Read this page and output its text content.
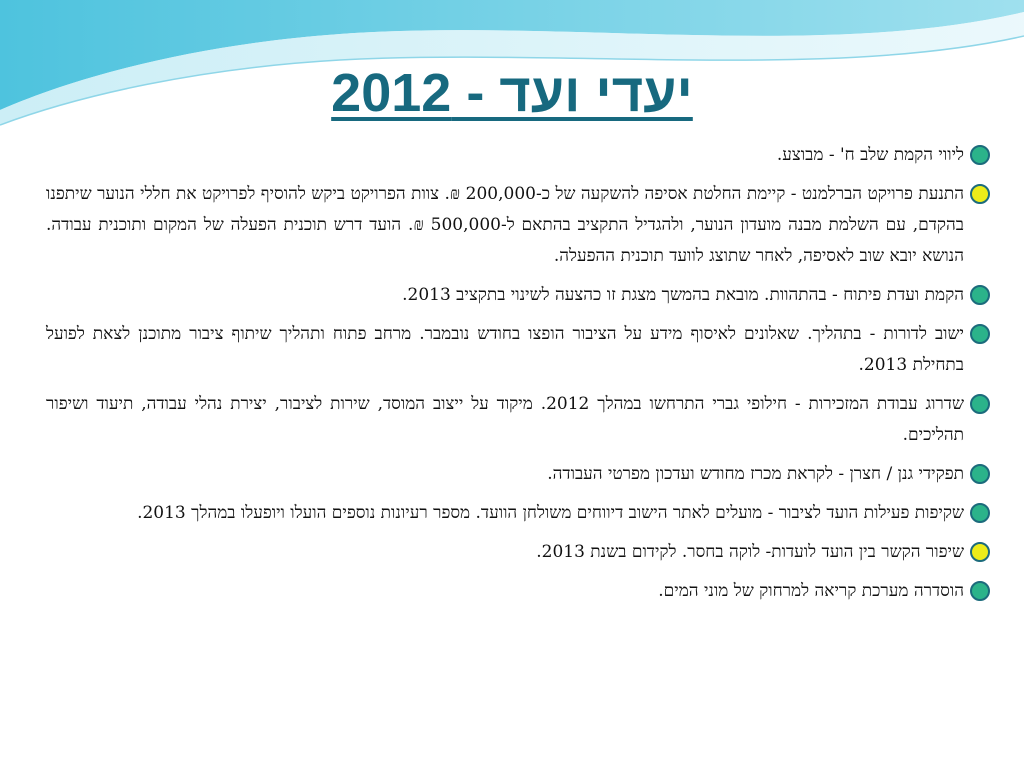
יעדי ועד - 2012
ליווי הקמת שלב ח' - מבוצע.
התנעת פרויקט הברלמנט - קיימת החלטת אסיפה להשקעה של כ-200,000 ₪. צוות הפרויקט ביקש להוסיף לפרויקט את חללי הנוער שיתפנו בהקדם, עם השלמת מבנה מועדון הנוער, ולהגדיל התקציב בהתאם ל-500,000 ₪. הועד דרש תוכנית הפעלה של המקום ותוכנית עבודה. הנושא יובא שוב לאסיפה, לאחר שתוצג לוועד תוכנית ההפעלה.
הקמת ועדת פיתוח - בהתהוות. מובאת בהמשך מצגת זו כהצעה לשינוי בתקציב 2013.
ישוב לדורות - בתהליך. שאלונים לאיסוף מידע על הציבור הופצו בחודש נובמבר. מרחב פתוח ותהליך שיתוף ציבור מתוכנן לצאת לפועל בתחילת 2013.
שדרוג עבודת המזכירות - חילופי גברי התרחשו במהלך 2012. מיקוד על ייצוב המוסד, שירות לציבור, יצירת נהלי עבודה, תיעוד ושיפור תהליכים.
תפקידי גנן / חצרן - לקראת מכרז מחודש ועדכון מפרטי העבודה.
שקיפות פעילות הועד לציבור - מועלים לאתר הישוב דיווחים משולחן הוועד. מספר רעיונות נוספים הועלו ויופעלו במהלך 2013.
שיפור הקשר בין הועד לועדות- לוקה בחסר. לקידום בשנת 2013.
הוסדרה מערכת קריאה למרחוק של מוני המים.
